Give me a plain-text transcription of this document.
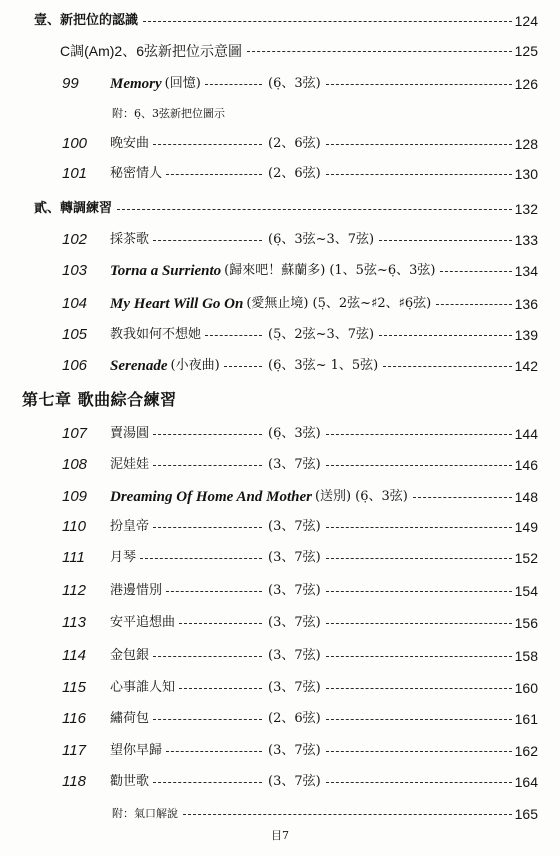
壹、新把位的認識	124
C調(Am)2、6弦新把位示意圖	125
99 Memory (回憶)	(6̣、3弦)	126
附：6̣、3弦新把位圖示
100 晚安曲	(2、6弦)	128
101 秘密情人	(2、6弦)	130
貳、轉調練習	132
102 採茶歌	(6̣、3弦~3、7弦)	133
103 Torna a Surriento (歸來吧！蘇蘭多) (1、5弦~6̣、3弦)	134
104 My Heart Will Go On (愛無止境) (5̣、2弦~♯2、♯6̣弦)	136
105 教我如何不想她	(5̣、2弦~3、7弦)	139
106 Serenade (小夜曲)	(6̣、3弦~ 1、5弦)	142
第七章 歌曲綜合練習
107 賣湯圓	(6̣、3弦)	144
108 泥娃娃	(3、7弦)	146
109 Dreaming Of Home And Mother (送別) (6̣、3弦)	148
110 扮皇帝	(3、7弦)	149
111 月琴	(3、7弦)	152
112 港邊惜別	(3、7弦)	154
113 安平追想曲	(3、7弦)	156
114 金包銀	(3、7弦)	158
115 心事誰人知	(3、7弦)	160
116 繡荷包	(2、6弦)	161
117 望你早歸	(3、7弦)	162
118 勸世歌	(3、7弦)	164
附：氣口解說	165
目7
